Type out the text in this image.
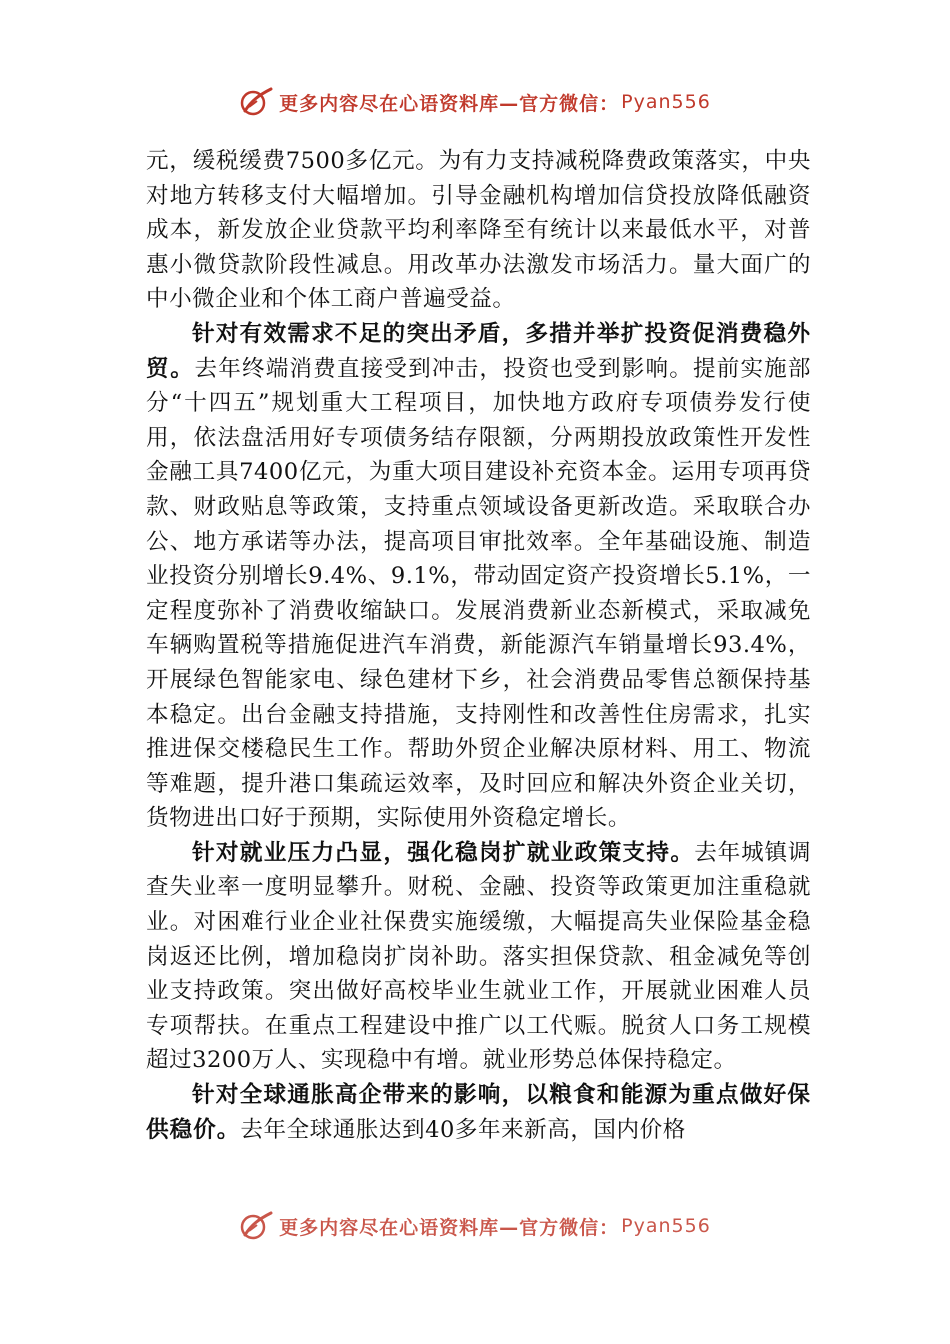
更多内容尽在心语资料库—官方微信： Pyan556

元，缓税缓费7500多亿元。为有力支持减税降费政策落实，中央对地方转移支付大幅增加。引导金融机构增加信贷投放降低融资成本，新发放企业贷款平均利率降至有统计以来最低水平，对普惠小微贷款阶段性减息。用改革办法激发市场活力。量大面广的中小微企业和个体工商户普遍受益。

针对有效需求不足的突出矛盾，多措并举扩投资促消费稳外贸。去年终端消费直接受到冲击，投资也受到影响。提前实施部分“十四五”规划重大工程项目，加快地方政府专项债券发行使用，依法盘活用好专项债务结存限额，分两期投放政策性开发性金融工具7400亿元，为重大项目建设补充资本金。运用专项再贷款、财政贴息等政策，支持重点领域设备更新改造。采取联合办公、地方承诺等办法，提高项目审批效率。全年基础设施、制造业投资分别增长9.4%、9.1%，带动固定资产投资增长5.1%，一定程度弥补了消费收缩缺口。发展消费新业态新模式，采取减免车辆购置税等措施促进汽车消费，新能源汽车销量增长93.4%，开展绿色智能家电、绿色建材下乡，社会消费品零售总额保持基本稳定。出台金融支持措施，支持刚性和改善性住房需求，扎实推进保交楼稳民生工作。帮助外贸企业解决原材料、用工、物流等难题，提升港口集疏运效率，及时回应和解决外资企业关切，货物进出口好于预期，实际使用外资稳定增长。

针对就业压力凸显，强化稳岗扩就业政策支持。去年城镇调查失业率一度明显攀升。财税、金融、投资等政策更加注重稳就业。对困难行业企业社保费实施缓缴，大幅提高失业保险基金稳岗返还比例，增加稳岗扩岗补助。落实担保贷款、租金减免等创业支持政策。突出做好高校毕业生就业工作，开展就业困难人员专项帮扶。在重点工程建设中推广以工代赈。脱贫人口务工规模超过3200万人、实现稳中有增。就业形势总体保持稳定。

针对全球通胀高企带来的影响，以粮食和能源为重点做好保供稳价。去年全球通胀达到40多年来新高，国内价格

更多内容尽在心语资料库—官方微信： Pyan556
